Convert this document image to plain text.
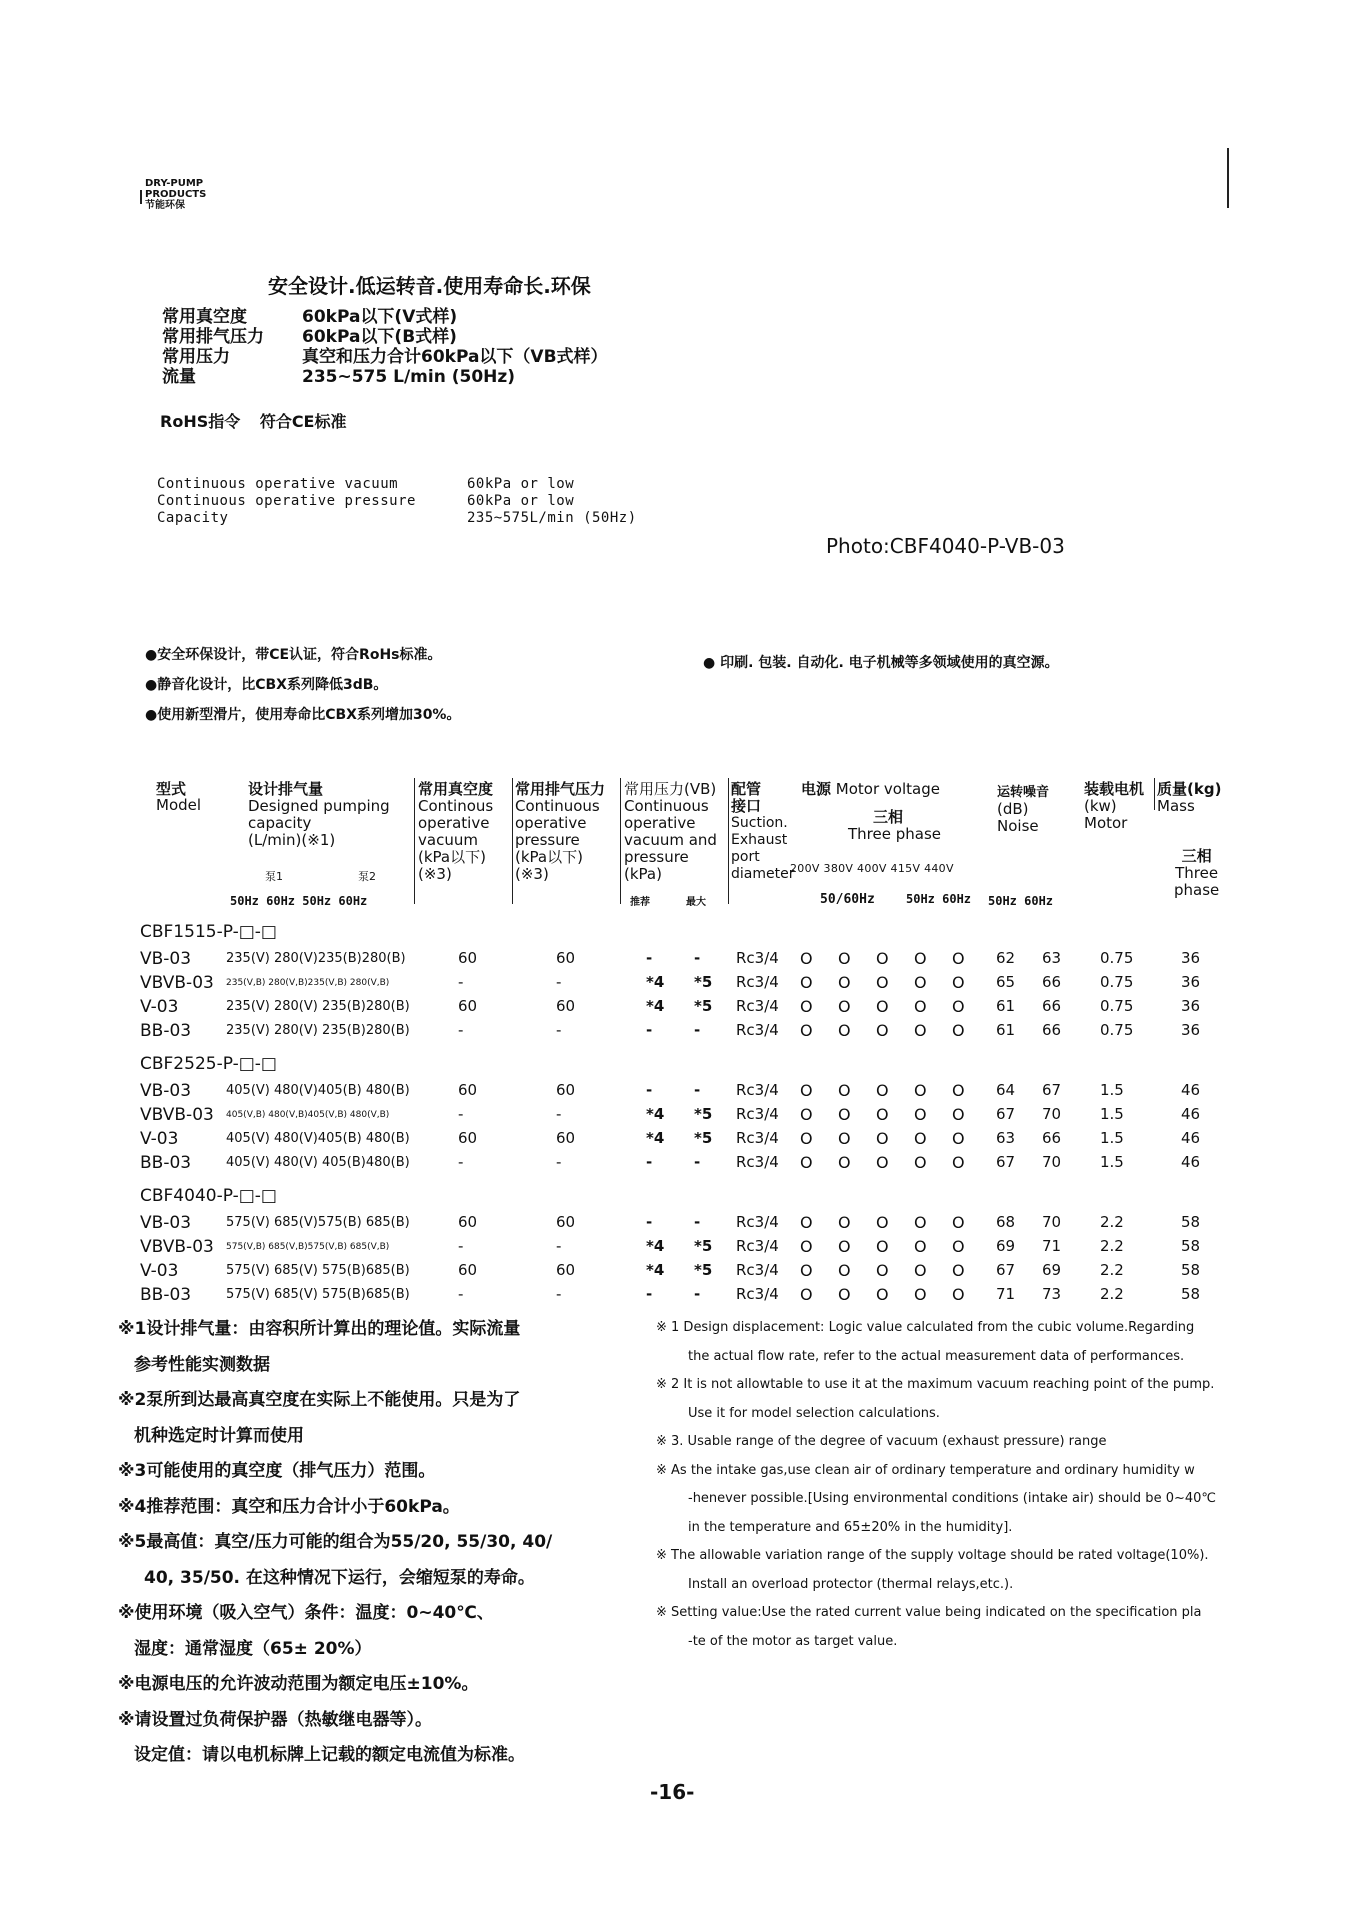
DRY-PUMP
PRODUCTS
节能环保
安全设计.低运转音.使用寿命长.环保
常用真空度	60kPa以下(V式样)
常用排气压力	60kPa以下(B式样)
常用压力	真空和压力合计60kPa以下（VB式样）
流量	235~575 L/min (50Hz)
RoHS指令 符合CE标准
Continuous operative vacuum	60kPa or low
Continuous operative pressure	60kPa or low
Capacity	235~575L/min (50Hz)
Photo:CBF4040-P-VB-03
●安全环保设计，带CE认证，符合RoHs标准。
●静音化设计，比CBX系列降低3dB。
●使用新型滑片，使用寿命比CBX系列增加30%。
● 印刷. 包装. 自动化. 电子机械等多领域使用的真空源。
型式
Model
设计排气量
Designed pumping
capacity
(L/min)(※1)
泵1	泵2
50Hz 60Hz 50Hz 60Hz
常用真空度
Continous
operative
vacuum
(kPa以下)
(※3)
常用排气压力
Continuous
operative
pressure
(kPa以下)
(※3)
常用压力(VB)
Continuous
operative
vacuum and
pressure
(kPa)
推荐	最大
配管
接口
Suction.
Exhaust
port
diameter
电源 Motor voltage
三相
Three phase
200V 380V 400V 415V 440V
50/60Hz	50Hz 60Hz
运转噪音
(dB)
Noise
50Hz 60Hz
装载电机
(kw)
Motor
质量(kg)
Mass
三相
Three
phase
CBF1515-P-□-□
VB-03	235(V) 280(V)235(B)280(B)	60	60	-	- Rc3/4 O O O O O 62 63	0.75	36
VBVB-03 235(V,B) 280(V,B)235(V,B) 280(V,B)	-	-	*4 *5 Rc3/4 O O O O O 65 66	0.75	36
V-03	235(V) 280(V) 235(B)280(B)	60	60	*4 *5 Rc3/4 O O O O O 61 66	0.75	36
BB-03	235(V) 280(V) 235(B)280(B)	-	-	-	- Rc3/4 O O O O O 61 66	0.75	36
CBF2525-P-□-□
VB-03	405(V) 480(V)405(B) 480(B)	60	60	-	- Rc3/4 O O O O O 64 67	1.5	46
VBVB-03 405(V,B) 480(V,B)405(V,B) 480(V,B)	-	-	*4 *5 Rc3/4 O O O O O 67 70	1.5	46
V-03	405(V) 480(V)405(B) 480(B)	60	60	*4 *5 Rc3/4 O O O O O 63 66	1.5	46
BB-03	405(V) 480(V) 405(B)480(B)	-	-	-	- Rc3/4 O O O O O 67 70	1.5	46
CBF4040-P-□-□
VB-03	575(V) 685(V)575(B) 685(B)	60	60	-	- Rc3/4 O O O O O 68 70	2.2	58
VBVB-03 575(V,B) 685(V,B)575(V,B) 685(V,B)	-	-	*4 *5 Rc3/4 O O O O O 69 71	2.2	58
V-03	575(V) 685(V) 575(B)685(B)	60	60	*4 *5 Rc3/4 O O O O O 67 69	2.2	58
BB-03	575(V) 685(V) 575(B)685(B)	-	-	-	- Rc3/4 O O O O O 71 73	2.2	58
※1设计排气量：由容积所计算出的理论值。实际流量
参考性能实测数据
※2泵所到达最高真空度在实际上不能使用。只是为了
机种选定时计算而使用
※3可能使用的真空度（排气压力）范围。
※4推荐范围：真空和压力合计小于60kPa。
※5最高值：真空/压力可能的组合为55/20, 55/30, 40/
40, 35/50. 在这种情况下运行，会缩短泵的寿命。
※使用环境（吸入空气）条件：温度：0~40℃、
湿度：通常湿度（65± 20%）
※电源电压的允许波动范围为额定电压±10%。
※请设置过负荷保护器（热敏继电器等）。
设定值：请以电机标牌上记载的额定电流值为标准。
※ 1 Design displacement: Logic value calculated from the cubic volume.Regarding
the actual flow rate, refer to the actual measurement data of performances.
※ 2 It is not allowtable to use it at the maximum vacuum reaching point of the pump.
Use it for model selection calculations.
※ 3. Usable range of the degree of vacuum (exhaust pressure) range
※ As the intake gas,use clean air of ordinary temperature and ordinary humidity w
-henever possible.[Using environmental conditions (intake air) should be 0~40℃
in the temperature and 65±20% in the humidity].
※ The allowable variation range of the supply voltage should be rated voltage(10%).
Install an overload protector (thermal relays,etc.).
※ Setting value:Use the rated current value being indicated on the specification pla
-te of the motor as target value.
-16-
